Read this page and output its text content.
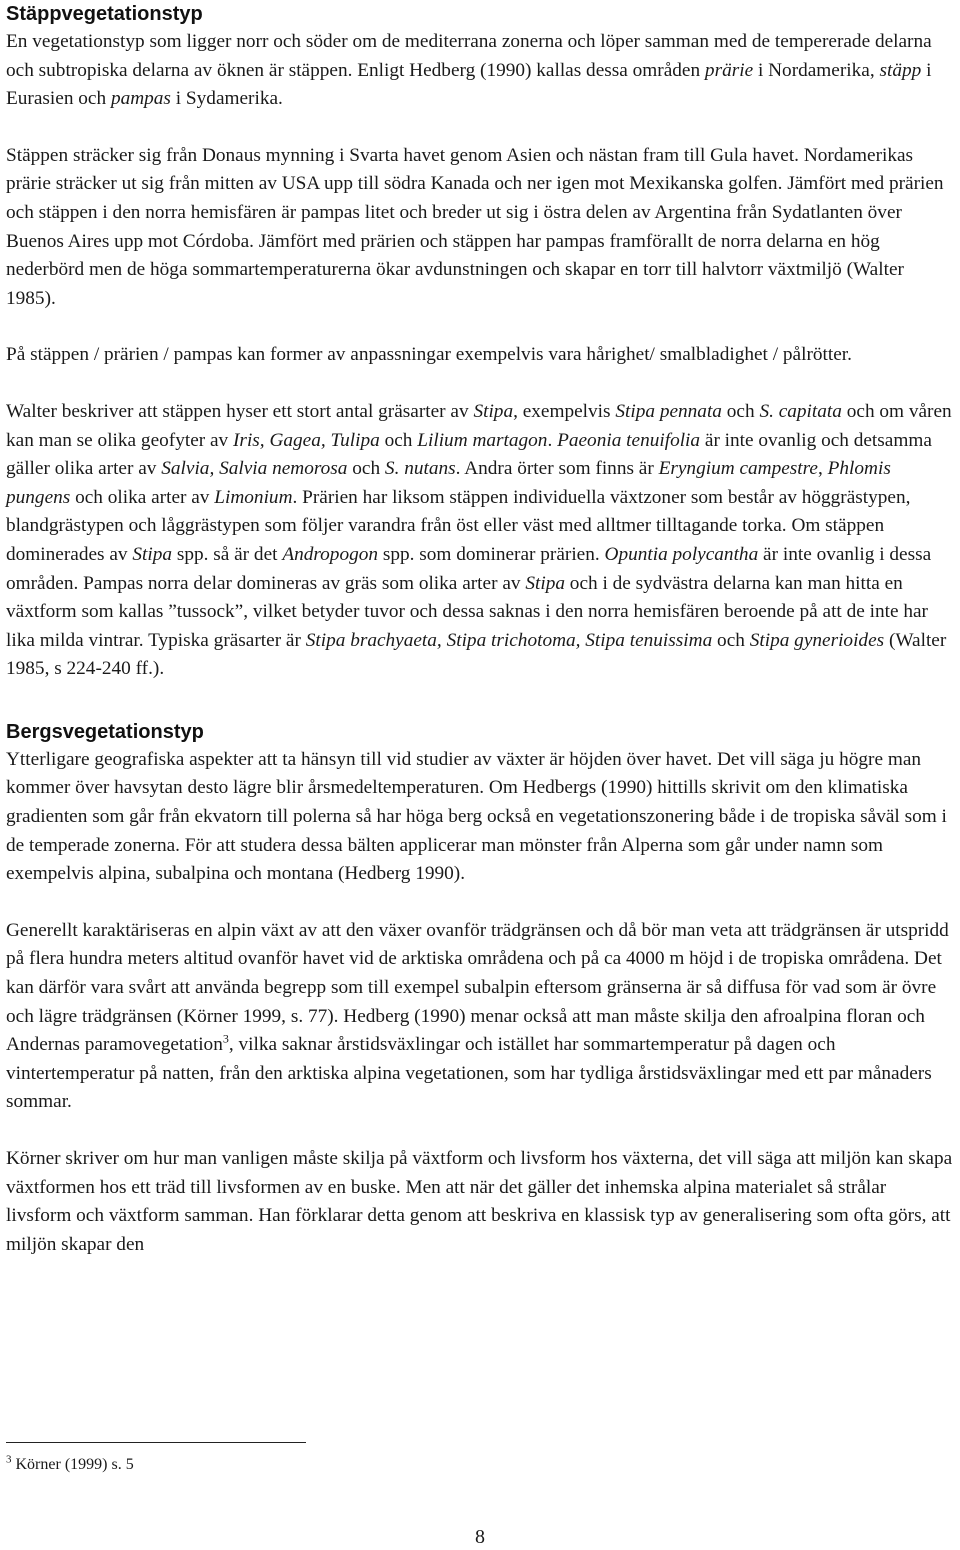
Stäppvegetationstyp

En vegetationstyp som ligger norr och söder om de mediterrana zonerna och löper samman med de tempererade delarna och subtropiska delarna av öknen är stäppen. Enligt Hedberg (1990) kallas dessa områden prärie i Nordamerika, stäpp i Eurasien och pampas i Sydamerika.

Stäppen sträcker sig från Donaus mynning i Svarta havet genom Asien och nästan fram till Gula havet. Nordamerikas prärie sträcker ut sig från mitten av USA upp till södra Kanada och ner igen mot Mexikanska golfen. Jämfört med prärien och stäppen i den norra hemisfären är pampas litet och breder ut sig i östra delen av Argentina från Sydatlanten över Buenos Aires upp mot Córdoba. Jämfört med prärien och stäppen har pampas framförallt de norra delarna en hög nederbörd men de höga sommartemperaturerna ökar avdunstningen och skapar en torr till halvtorr växtmiljö (Walter 1985).

På stäppen / prärien / pampas kan former av anpassningar exempelvis vara hårighet/ smalbladighet / pålrötter.

Walter beskriver att stäppen hyser ett stort antal gräsarter av Stipa, exempelvis Stipa pennata och S. capitata och om våren kan man se olika geofyter av Iris, Gagea, Tulipa och Lilium martagon. Paeonia tenuifolia är inte ovanlig och detsamma gäller olika arter av Salvia, Salvia nemorosa och S. nutans. Andra örter som finns är Eryngium campestre, Phlomis pungens och olika arter av Limonium. Prärien har liksom stäppen individuella växtzoner som består av höggrästypen, blandgrästypen och låggrästypen som följer varandra från öst eller väst med alltmer tilltagande torka. Om stäppen dominerades av Stipa spp. så är det Andropogon spp. som dominerar prärien. Opuntia polycantha är inte ovanlig i dessa områden. Pampas norra delar domineras av gräs som olika arter av Stipa och i de sydvästra delarna kan man hitta en växtform som kallas ”tussock”, vilket betyder tuvor och dessa saknas i den norra hemisfären beroende på att de inte har lika milda vintrar. Typiska gräsarter är Stipa brachyaeta, Stipa trichotoma, Stipa tenuissima och Stipa gynerioides (Walter 1985, s 224-240 ff.).

Bergsvegetationstyp

Ytterligare geografiska aspekter att ta hänsyn till vid studier av växter är höjden över havet. Det vill säga ju högre man kommer över havsytan desto lägre blir årsmedeltemperaturen. Om Hedbergs (1990) hittills skrivit om den klimatiska gradienten som går från ekvatorn till polerna så har höga berg också en vegetationszonering både i de tropiska såväl som i de temperade zonerna. För att studera dessa bälten applicerar man mönster från Alperna som går under namn som exempelvis alpina, subalpina och montana (Hedberg 1990).

Generellt karaktäriseras en alpin växt av att den växer ovanför trädgränsen och då bör man veta att trädgränsen är utspridd på flera hundra meters altitud ovanför havet vid de arktiska områdena och på ca 4000 m höjd i de tropiska områdena. Det kan därför vara svårt att använda begrepp som till exempel subalpin eftersom gränserna är så diffusa för vad som är övre och lägre trädgränsen (Körner 1999, s. 77). Hedberg (1990) menar också att man måste skilja den afroalpina floran och Andernas paramovegetation$^3$, vilka saknar årstidsväxlingar och istället har sommartemperatur på dagen och vintertemperatur på natten, från den arktiska alpina vegetationen, som har tydliga årstidsväxlingar med ett par månaders sommar.

Körner skriver om hur man vanligen måste skilja på växtform och livsform hos växterna, det vill säga att miljön kan skapa växtformen hos ett träd till livsformen av en buske. Men att när det gäller det inhemska alpina materialet så strålar livsform och växtform samman. Han förklarar detta genom att beskriva en klassisk typ av generalisering som ofta görs, att miljön skapar den

$^3$ Körner (1999) s. 5
8
